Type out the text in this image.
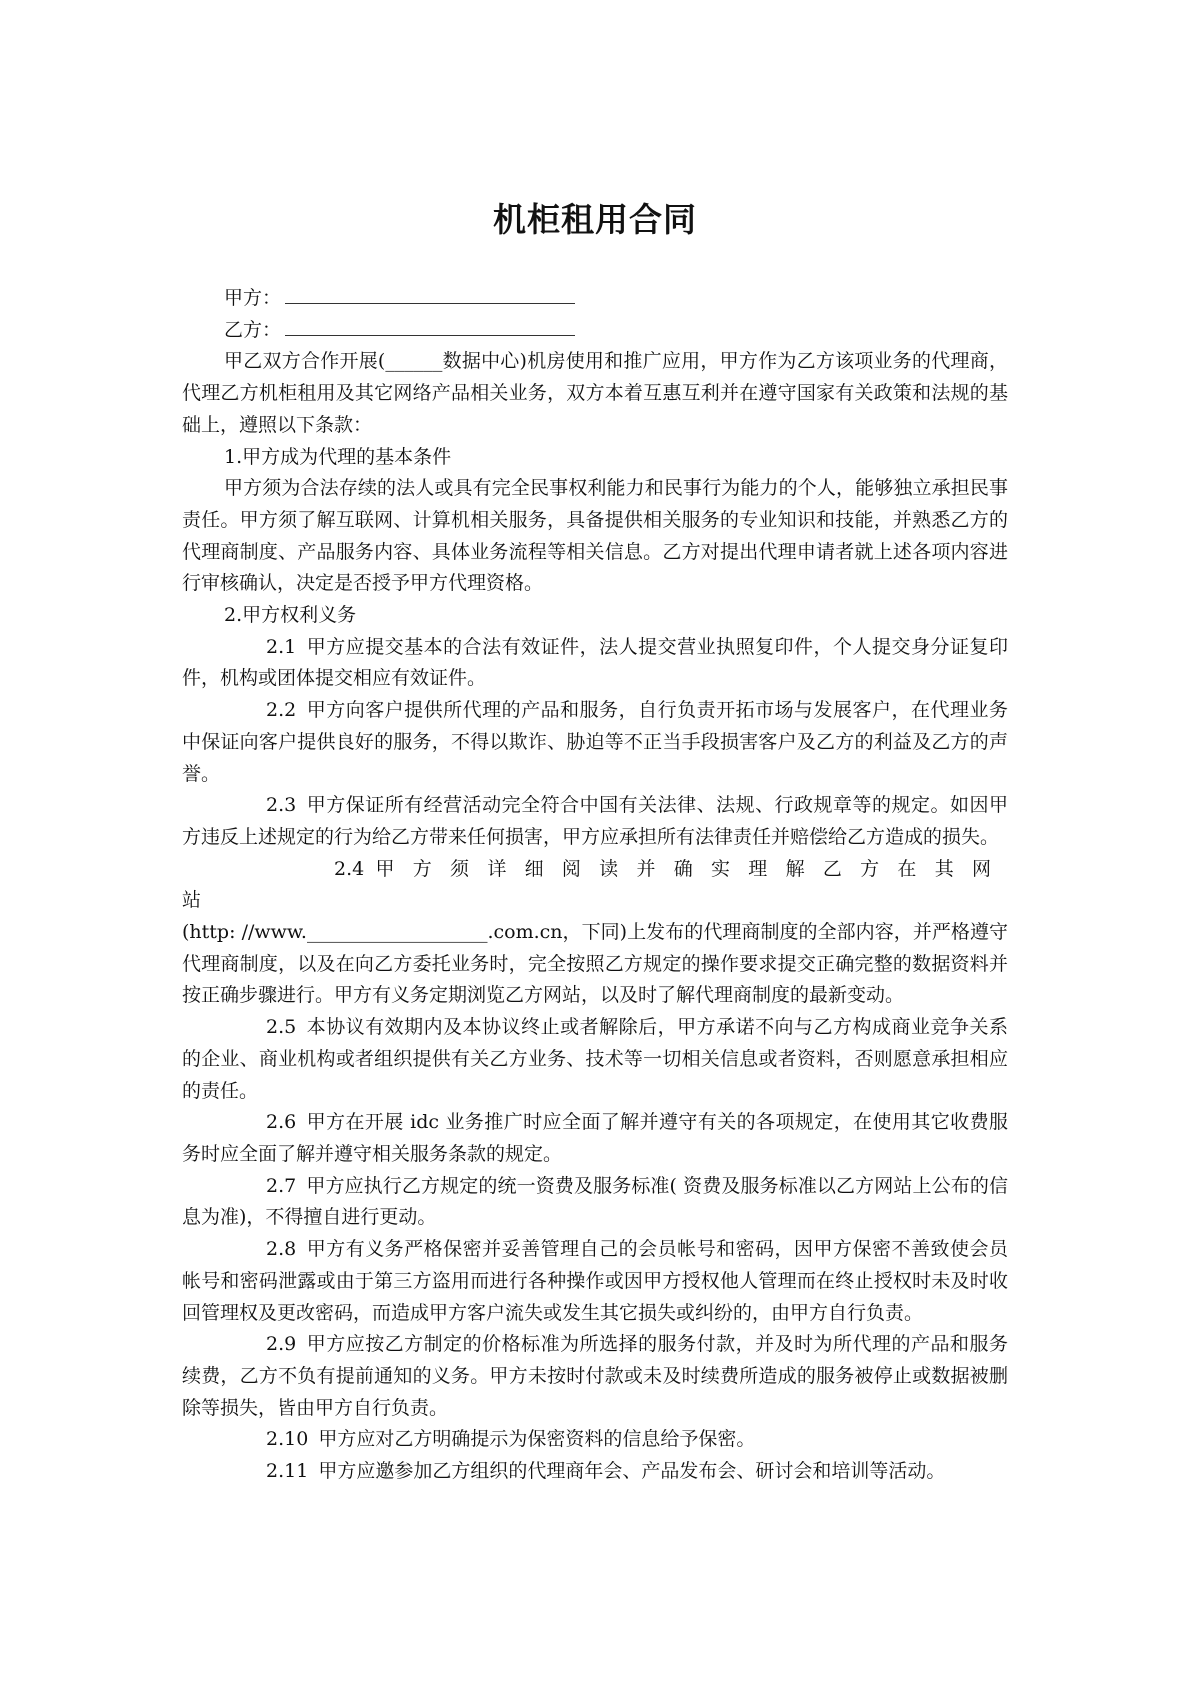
机柜租用合同

甲方：

乙方：

甲乙双方合作开展(______数据中心)机房使用和推广应用，甲方作为乙方该项业务的代理商，代理乙方机柜租用及其它网络产品相关业务，双方本着互惠互利并在遵守国家有关政策和法规的基础上，遵照以下条款：

1.甲方成为代理的基本条件

甲方须为合法存续的法人或具有完全民事权利能力和民事行为能力的个人，能够独立承担民事责任。甲方须了解互联网、计算机相关服务，具备提供相关服务的专业知识和技能，并熟悉乙方的代理商制度、产品服务内容、具体业务流程等相关信息。乙方对提出代理申请者就上述各项内容进行审核确认，决定是否授予甲方代理资格。

2.甲方权利义务

2.1 甲方应提交基本的合法有效证件，法人提交营业执照复印件，个人提交身分证复印件，机构或团体提交相应有效证件。

2.2 甲方向客户提供所代理的产品和服务，自行负责开拓市场与发展客户，在代理业务中保证向客户提供良好的服务，不得以欺诈、胁迫等不正当手段损害客户及乙方的利益及乙方的声誉。

2.3 甲方保证所有经营活动完全符合中国有关法律、法规、行政规章等的规定。如因甲方违反上述规定的行为给乙方带来任何损害，甲方应承担所有法律责任并赔偿给乙方造成的损失。

2.4 甲方须详细阅读并确实理解乙方在其网站

(http: //www.___________________.com.cn，下同)上发布的代理商制度的全部内容，并严格遵守代理商制度，以及在向乙方委托业务时，完全按照乙方规定的操作要求提交正确完整的数据资料并按正确步骤进行。甲方有义务定期浏览乙方网站，以及时了解代理商制度的最新变动。

2.5 本协议有效期内及本协议终止或者解除后，甲方承诺不向与乙方构成商业竞争关系的企业、商业机构或者组织提供有关乙方业务、技术等一切相关信息或者资料，否则愿意承担相应的责任。

2.6 甲方在开展 idc 业务推广时应全面了解并遵守有关的各项规定，在使用其它收费服务时应全面了解并遵守相关服务条款的规定。

2.7 甲方应执行乙方规定的统一资费及服务标准( 资费及服务标准以乙方网站上公布的信息为准)，不得擅自进行更动。

2.8 甲方有义务严格保密并妥善管理自己的会员帐号和密码，因甲方保密不善致使会员帐号和密码泄露或由于第三方盗用而进行各种操作或因甲方授权他人管理而在终止授权时未及时收回管理权及更改密码，而造成甲方客户流失或发生其它损失或纠纷的，由甲方自行负责。

2.9 甲方应按乙方制定的价格标准为所选择的服务付款，并及时为所代理的产品和服务续费，乙方不负有提前通知的义务。甲方未按时付款或未及时续费所造成的服务被停止或数据被删除等损失，皆由甲方自行负责。

2.10 甲方应对乙方明确提示为保密资料的信息给予保密。

2.11 甲方应邀参加乙方组织的代理商年会、产品发布会、研讨会和培训等活动。
